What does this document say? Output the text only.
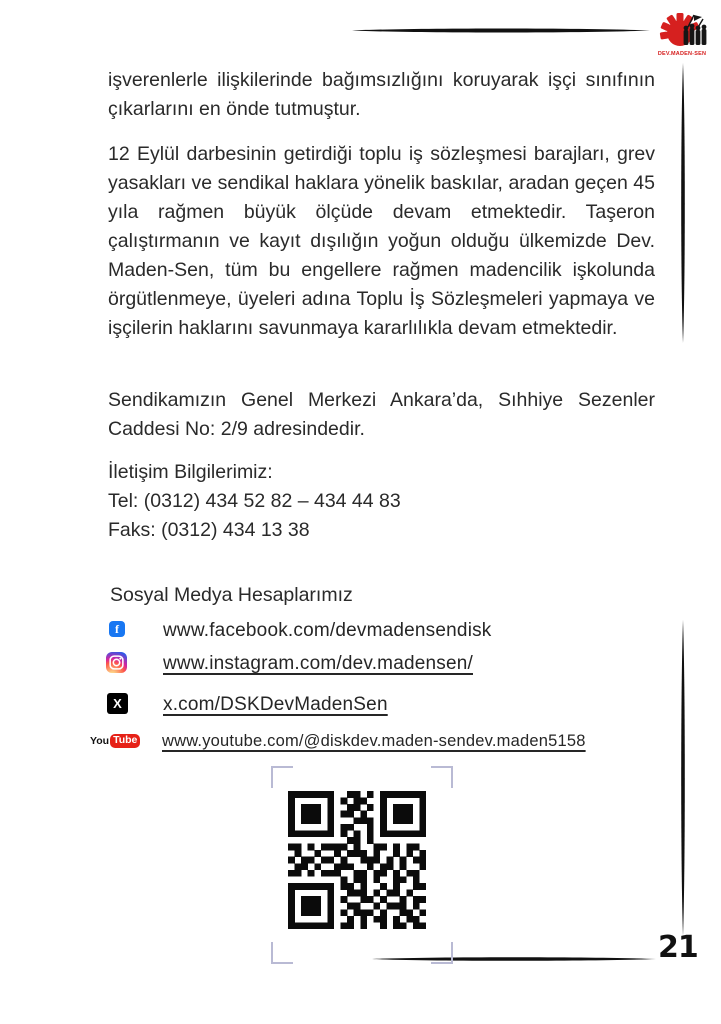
DEV.MADEN-SEN

işverenlerle ilişkilerinde bağımsızlığını koruyarak işçi sınıfının çıkarlarını en önde tutmuştur.

12 Eylül darbesinin getirdiği toplu iş sözleşmesi barajları, grev yasakları ve sendikal haklara yönelik baskılar, aradan geçen 45 yıla rağmen büyük ölçüde devam etmektedir. Taşeron çalıştırmanın ve kayıt dışılığın yoğun olduğu ülkemizde Dev. Maden-Sen, tüm bu engellere rağmen madencilik işkolunda örgütlenmeye, üyeleri adına Toplu İş Sözleşmeleri yapmaya ve işçilerin haklarını savunmaya kararlılıkla devam etmektedir.

Sendikamızın Genel Merkezi Ankara’da, Sıhhiye Sezenler Caddesi No: 2/9 adresindedir.

İletişim Bilgilerimiz:
Tel: (0312) 434 52 82 – 434 44 83
Faks: (0312) 434 13 38
Sosyal Medya Hesaplarımız
f www.facebook.com/devmadensendisk
www.instagram.com/dev.madensen/
X x.com/DSKDevMadenSen
You Tube www.youtube.com/@diskdev.maden-sendev.maden5158
21
